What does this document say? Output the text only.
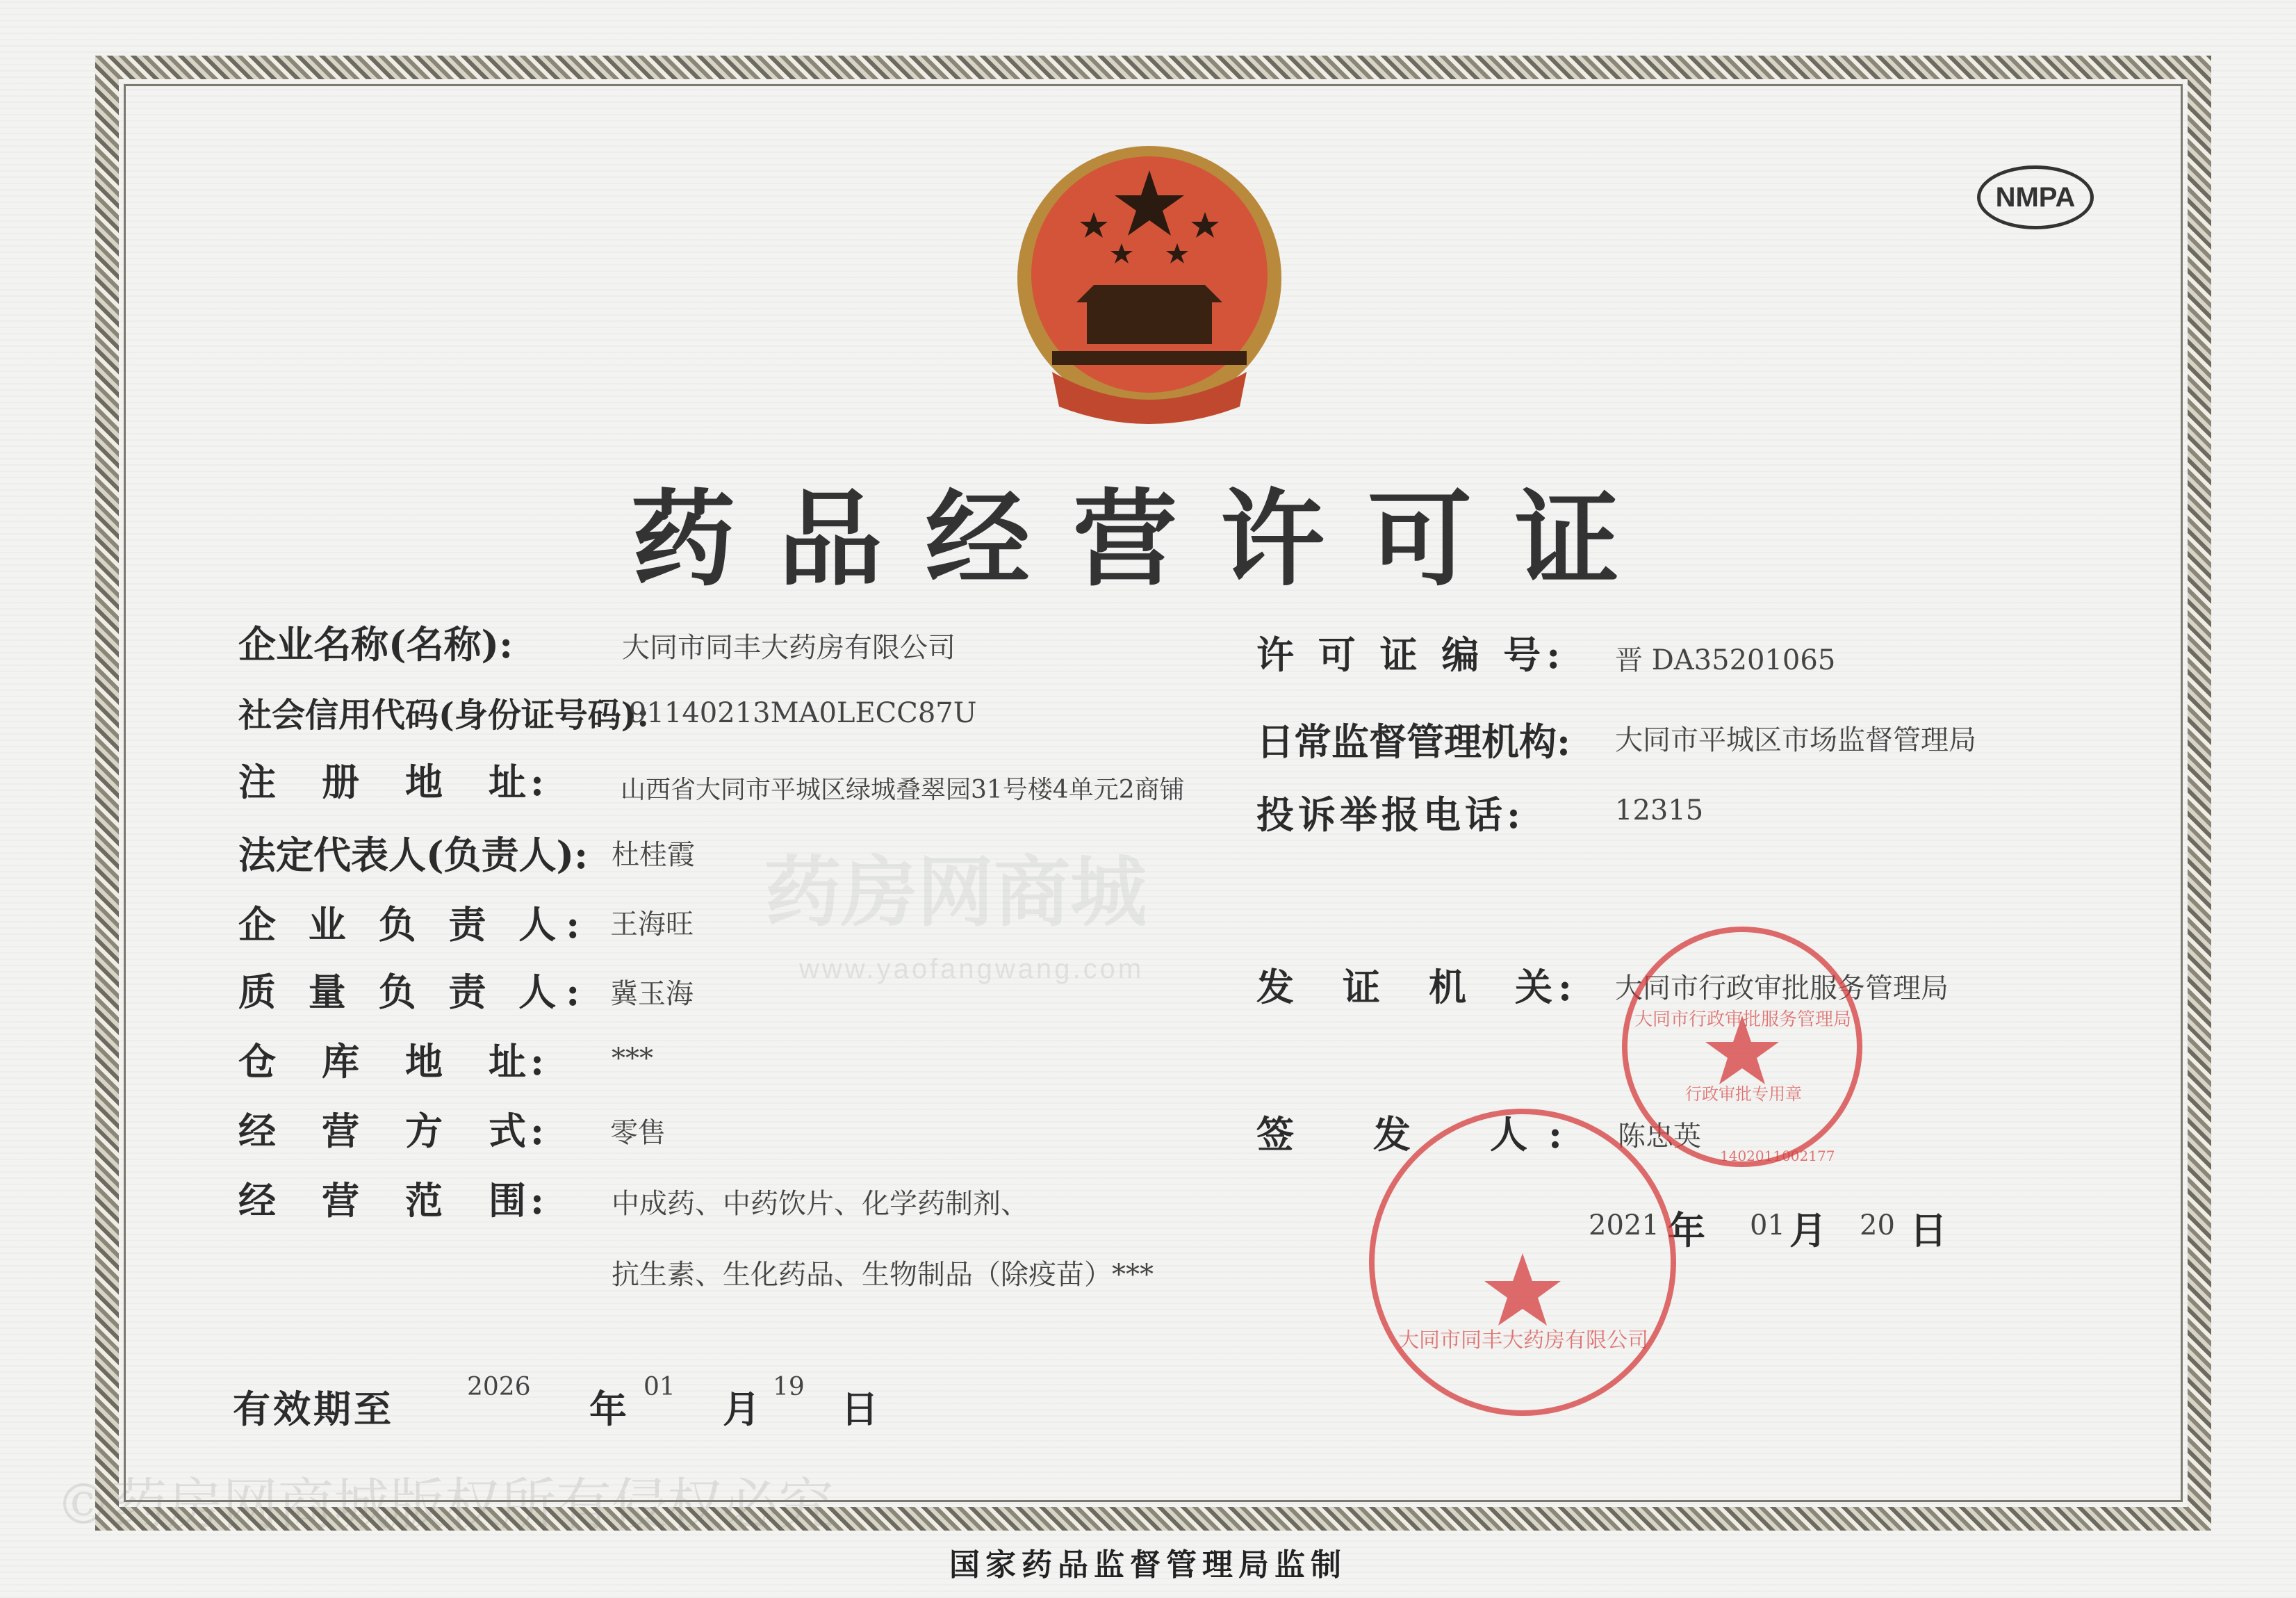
药房网商城
www.yaofangwang.com
NMPA
药品经营许可证
企业名称(名称):	大同市同丰大药房有限公司
社会信用代码(身份证号码):
91140213MA0LECC87U
注　册　地　址:	山西省大同市平城区绿城叠翠园31号楼4单元2商铺
法定代表人(负责人): 杜桂霞
企 业 负 责 人: 王海旺
质 量 负 责 人: 冀玉海
仓　库　地　址: ***
经　营　方　式: 零售
经　营　范　围: 中成药、中药饮片、化学药制剂、
抗生素、生化药品、生物制品（除疫苗）***
许 可 证 编 号: 晋 DA35201065
日常监督管理机构: 大同市平城区市场监督管理局
投诉举报电话:	12315
发　证　机　关: 大同市行政审批服务管理局
签　发　人: 陈忠英
2021 年 01 月 20 日
有效期至	2026 年 01 月 19 日
大同市行政审批服务管理局
行政审批专用章
1402011002177
大同市同丰大药房有限公司
©药房网商城版权所有侵权必究
国家药品监督管理局监制
